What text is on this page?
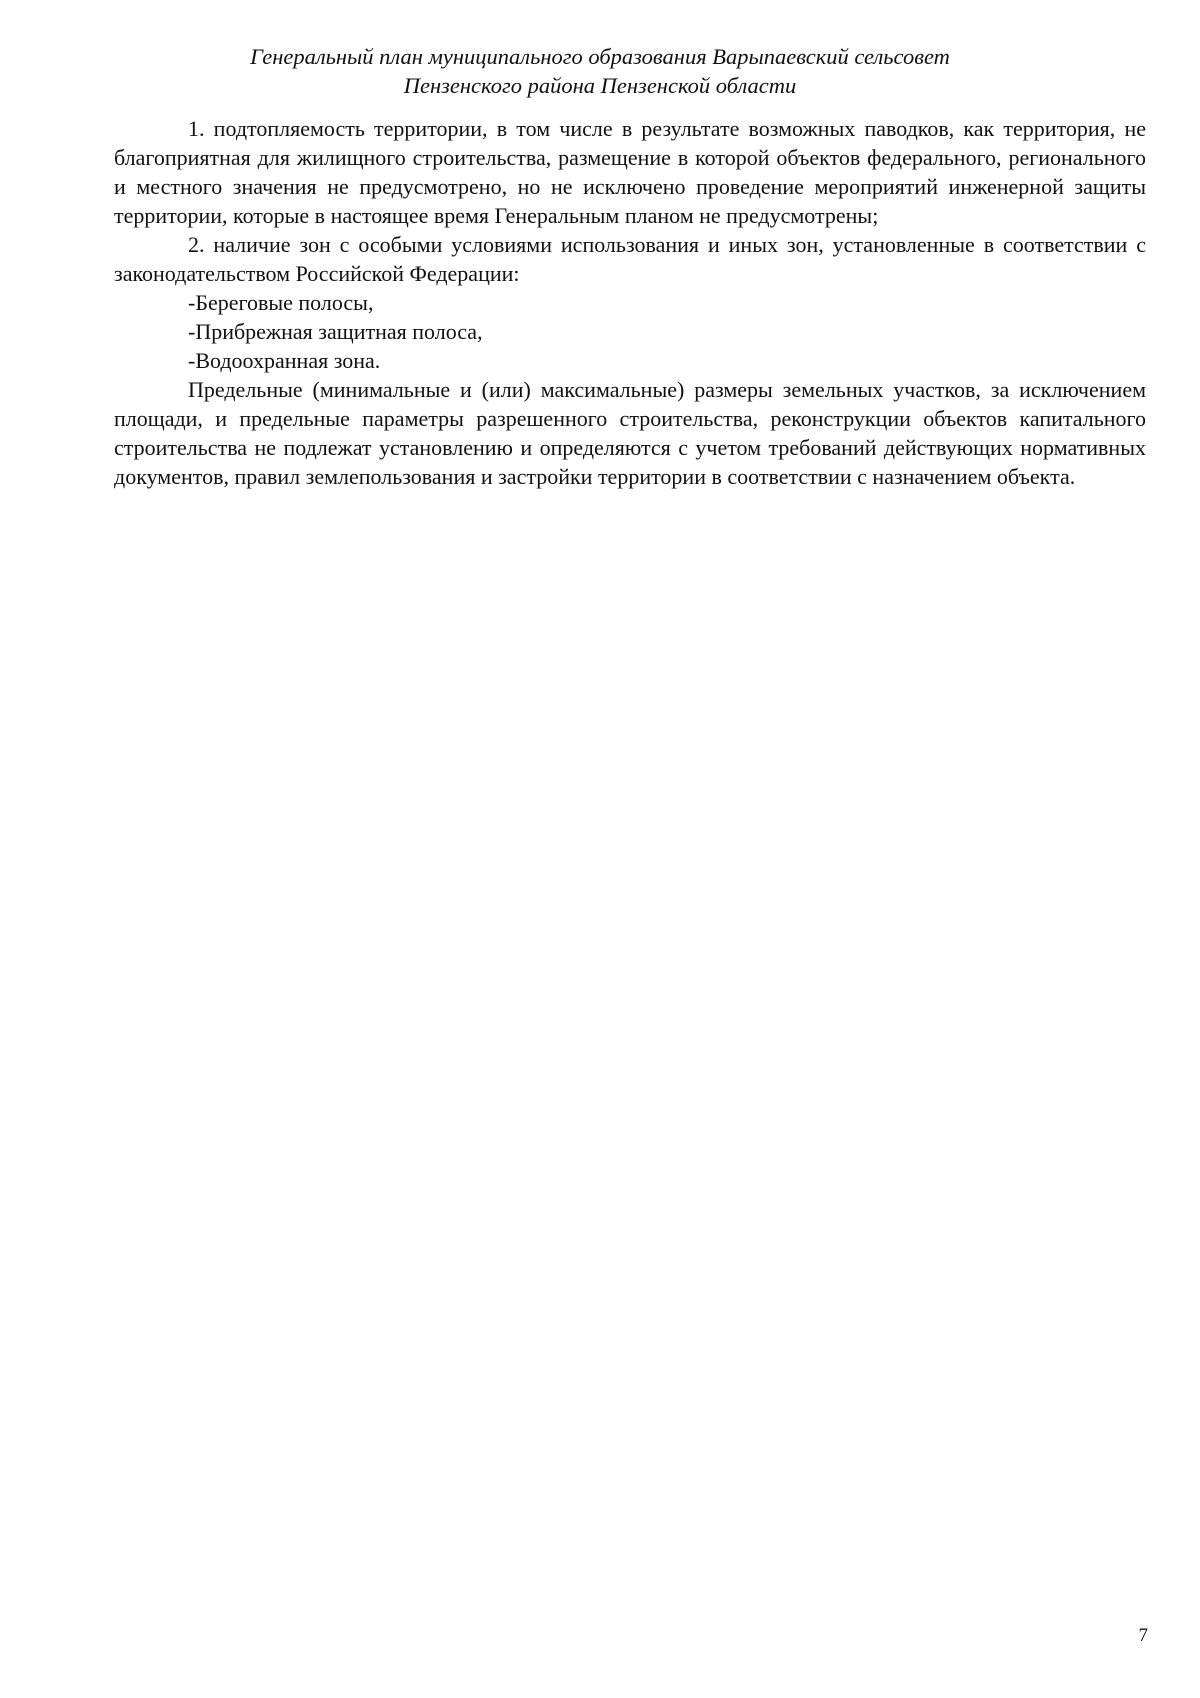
Генеральный план муниципального образования Варыпаевский сельсовет
Пензенского района Пензенской области

1. подтопляемость территории, в том числе в результате возможных паводков, как территория, не благоприятная для жилищного строительства, размещение в которой объектов федерального, регионального и местного значения не предусмотрено, но не исключено проведение мероприятий инженерной защиты территории, которые в настоящее время Генеральным планом не предусмотрены;

2. наличие зон с особыми условиями использования и иных зон, установленные в соответствии с законодательством Российской Федерации:

-Береговые полосы,

-Прибрежная защитная полоса,

-Водоохранная зона.

Предельные (минимальные и (или) максимальные) размеры земельных участков, за исключением площади, и предельные параметры разрешенного строительства, реконструкции объектов капитального строительства не подлежат установлению и определяются с учетом требований действующих нормативных документов, правил землепользования и застройки территории в соответствии с назначением объекта.

7
